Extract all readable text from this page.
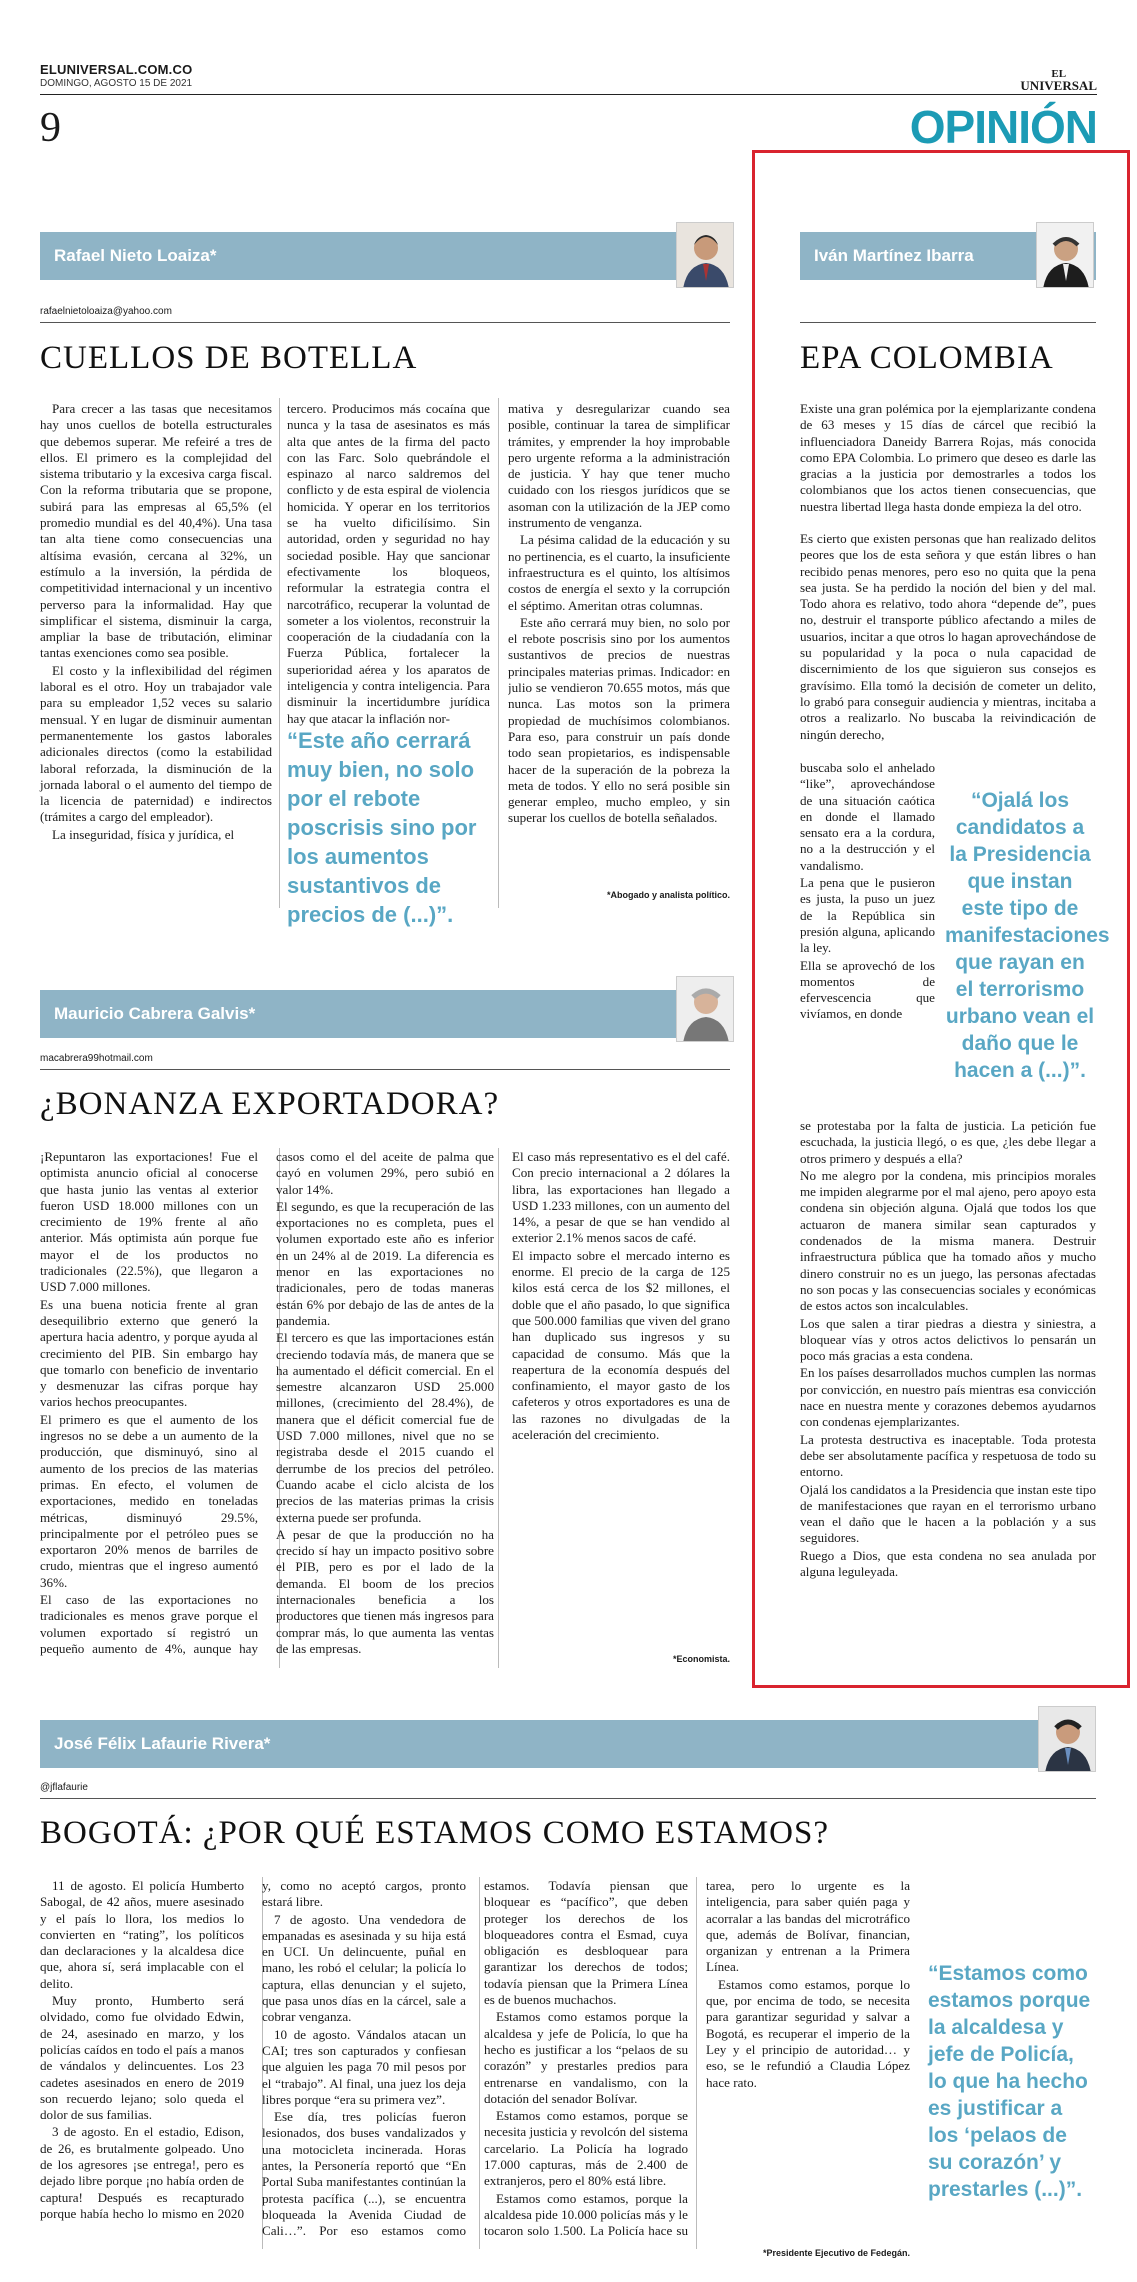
ELUNIVERSAL.COM.CO
DOMINGO, AGOSTO 15 DE 2021
EL
UNIVERSAL
9	OPINIÓN
Rafael Nieto Loaiza*
rafaelnietoloaiza@yahoo.com
CUELLOS DE BOTELLA

Para crecer a las tasas que necesitamos hay unos cuellos de botella estructurales que debemos superar. Me refeiré a tres de ellos. El primero es la complejidad del sistema tributario y la excesiva carga fiscal. Con la reforma tributaria que se propone, subirá para las empresas al 65,5% (el promedio mundial es del 40,4%). Una tasa tan alta tiene como consecuencias una altísima evasión, cercana al 32%, un estímulo a la inversión, la pérdida de competitividad internacional y un incentivo perverso para la informalidad. Hay que simplificar el sistema, disminuir la carga, ampliar la base de tributación, eliminar tantas exenciones como sea posible.

El costo y la inflexibilidad del régimen laboral es el otro. Hoy un trabajador vale para su empleador 1,52 veces su salario mensual. Y en lugar de disminuir aumentan permanentemente los gastos laborales adicionales directos (como la estabilidad laboral reforzada, la disminución de la jornada laboral o el aumento del tiempo de la licencia de paternidad) e indirectos (trámites a cargo del empleador).

La inseguridad, física y jurídica, el

tercero. Producimos más cocaína que nunca y la tasa de asesinatos es más alta que antes de la firma del pacto con las Farc. Solo quebrándole el espinazo al narco saldremos del conflicto y de esta espiral de violencia homicida. Y operar en los territorios se ha vuelto dificilísimo. Sin autoridad, orden y seguridad no hay sociedad posible. Hay que sancionar efectivamente los bloqueos, reformular la estrategia contra el narcotráfico, recuperar la voluntad de someter a los violentos, reconstruir la cooperación de la ciudadanía con la Fuerza Pública, fortalecer la superioridad aérea y los aparatos de inteligencia y contra inteligencia. Para disminuir la incertidumbre jurídica hay que atacar la inflación nor-

“Este año cerrará muy bien, no solo por el rebote poscrisis sino por los aumentos sustantivos de precios de (...)”.

mativa y desregularizar cuando sea posible, continuar la tarea de simplificar trámites, y emprender la hoy improbable pero urgente reforma a la administración de justicia. Y hay que tener mucho cuidado con los riesgos jurídicos que se asoman con la utilización de la JEP como instrumento de venganza.

La pésima calidad de la educación y su no pertinencia, es el cuarto, la insuficiente infraestructura es el quinto, los altísimos costos de energía el sexto y la corrupción el séptimo. Ameritan otras columnas.

Este año cerrará muy bien, no solo por el rebote poscrisis sino por los aumentos sustantivos de precios de nuestras principales materias primas. Indicador: en julio se vendieron 70.655 motos, más que nunca. Las motos son la primera propiedad de muchísimos colombianos. Para eso, para construir un país donde todo sean propietarios, es indispensable hacer de la superación de la pobreza la meta de todos. Y ello no será posible sin generar empleo, mucho empleo, y sin superar los cuellos de botella señalados.

*Abogado y analista político.
Mauricio Cabrera Galvis*
macabrera99hotmail.com
¿BONANZA EXPORTADORA?

¡Repuntaron las exportaciones! Fue el optimista anuncio oficial al conocerse que hasta junio las ventas al exterior fueron USD 18.000 millones con un crecimiento de 19% frente al año anterior. Más optimista aún porque fue mayor el de los productos no tradicionales (22.5%), que llegaron a USD 7.000 millones.

Es una buena noticia frente al gran desequilibrio externo que generó la apertura hacia adentro, y porque ayuda al crecimiento del PIB. Sin embargo hay que tomarlo con beneficio de inventario y desmenuzar las cifras porque hay varios hechos preocupantes.

El primero es que el aumento de los ingresos no se debe a un aumento de la producción, que disminuyó, sino al aumento de los precios de las materias primas. En efecto, el volumen de exportaciones, medido en toneladas métricas, disminuyó 29.5%, principalmente por el petróleo pues se exportaron 20% menos de barriles de crudo, mientras que el ingreso aumentó 36%.

El caso de las exportaciones no tradicionales es menos grave porque el volumen exportado sí registró un pequeño aumento de 4%, aunque hay casos como el del aceite de palma que cayó en volumen 29%, pero subió en valor 14%.

El segundo, es que la recuperación de las exportaciones no es completa, pues el volumen exportado este año es inferior en un 24% al de 2019. La diferencia es menor en las exportaciones no tradicionales, pero de todas maneras están 6% por debajo de las de antes de la pandemia.

El tercero es que las importaciones están creciendo todavía más, de manera que se ha aumentado el déficit comercial. En el semestre alcanzaron USD 25.000 millones, (crecimiento del 28.4%), de manera que el déficit comercial fue de USD 7.000 millones, nivel que no se registraba desde el 2015 cuando el derrumbe de los precios del petróleo. Cuando acabe el ciclo alcista de los precios de las materias primas la crisis externa puede ser profunda.

A pesar de que la producción no ha crecido sí hay un impacto positivo sobre el PIB, pero es por el lado de la demanda. El boom de los precios internacionales beneficia a los productores que tienen más ingresos para comprar más, lo que aumenta las ventas de las empresas.

El caso más representativo es el del café. Con precio internacional a 2 dólares la libra, las exportaciones han llegado a USD 1.233 millones, con un aumento del 14%, a pesar de que se han vendido al exterior 2.1% menos sacos de café.

El impacto sobre el mercado interno es enorme. El precio de la carga de 125 kilos está cerca de los $2 millones, el doble que el año pasado, lo que significa que 500.000 familias que viven del grano han duplicado sus ingresos y su capacidad de consumo. Más que la reapertura de la economía después del confinamiento, el mayor gasto de los cafeteros y otros exportadores es una de las razones no divulgadas de la aceleración del crecimiento.

*Economista.
Iván Martínez Ibarra
EPA COLOMBIA

Existe una gran polémica por la ejemplarizante condena de 63 meses y 15 días de cárcel que recibió la influenciadora Daneidy Barrera Rojas, más conocida como EPA Colombia. Lo primero que deseo es darle las gracias a la justicia por demostrarles a todos los colombianos que los actos tienen consecuencias, que nuestra libertad llega hasta donde empieza la del otro.

Es cierto que existen personas que han realizado delitos peores que los de esta señora y que están libres o han recibido penas menores, pero eso no quita que la pena sea justa. Se ha perdido la noción del bien y del mal. Todo ahora es relativo, todo ahora “depende de”, pues no, destruir el transporte público afectando a miles de usuarios, incitar a que otros lo hagan aprovechándose de su popularidad y la poca o nula capacidad de discernimiento de los que siguieron sus consejos es gravísimo. Ella tomó la decisión de cometer un delito, lo grabó para conseguir audiencia y mientras, incitaba a otros a realizarlo. No buscaba la reivindicación de ningún derecho,

buscaba solo el anhelado “like”, aprovechándose de una situación caótica en donde el llamado sensato era a la cordura, no a la destrucción y el vandalismo.

La pena que le pusieron es justa, la puso un juez de la República sin presión alguna, aplicando la ley.

Ella se aprovechó de los momentos de efervescencia que vivíamos, en donde

“Ojalá los candidatos a la Presidencia que instan este tipo de manifestaciones que rayan en el terrorismo urbano vean el daño que le hacen a (...)”.

se protestaba por la falta de justicia. La petición fue escuchada, la justicia llegó, o es que, ¿les debe llegar a otros primero y después a ella?

No me alegro por la condena, mis principios morales me impiden alegrarme por el mal ajeno, pero apoyo esta condena sin objeción alguna. Ojalá que todos los que actuaron de manera similar sean capturados y condenados de la misma manera. Destruir infraestructura pública que ha tomado años y mucho dinero construir no es un juego, las personas afectadas no son pocas y las consecuencias sociales y económicas de estos actos son incalculables.

Los que salen a tirar piedras a diestra y siniestra, a bloquear vías y otros actos delictivos lo pensarán un poco más gracias a esta condena.

En los países desarrollados muchos cumplen las normas por convicción, en nuestro país mientras esa convicción nace en nuestra mente y corazones debemos ayudarnos con condenas ejemplarizantes.

La protesta destructiva es inaceptable. Toda protesta debe ser absolutamente pacífica y respetuosa de todo su entorno.

Ojalá los candidatos a la Presidencia que instan este tipo de manifestaciones que rayan en el terrorismo urbano vean el daño que le hacen a la población y a sus seguidores.

Ruego a Dios, que esta condena no sea anulada por alguna leguleyada.

José Félix Lafaurie Rivera*
@jflafaurie
BOGOTÁ: ¿POR QUÉ ESTAMOS COMO ESTAMOS?

11 de agosto. El policía Humberto Sabogal, de 42 años, muere asesinado y el país lo llora, los medios lo convierten en “rating”, los políticos dan declaraciones y la alcaldesa dice que, ahora sí, será implacable con el delito.

Muy pronto, Humberto será olvidado, como fue olvidado Edwin, de 24, asesinado en marzo, y los policías caídos en todo el país a manos de vándalos y delincuentes. Los 23 cadetes asesinados en enero de 2019 son recuerdo lejano; solo queda el dolor de sus familias.

3 de agosto. En el estadio, Edison, de 26, es brutalmente golpeado. Uno de los agresores ¡se entrega!, pero es dejado libre porque ¡no había orden de captura! Después es recapturado porque había hecho lo mismo en 2020 y, como no aceptó cargos, pronto estará libre.

7 de agosto. Una vendedora de empanadas es asesinada y su hija está en UCI. Un delincuente, puñal en mano, les robó el celular; la policía lo captura, ellas denuncian y el sujeto, que pasa unos días en la cárcel, sale a cobrar venganza.

10 de agosto. Vándalos atacan un CAI; tres son capturados y confiesan que alguien les paga 70 mil pesos por el “trabajo”. Al final, una juez los deja libres porque “era su primera vez”.

Ese día, tres policías fueron lesionados, dos buses vandalizados y una motocicleta incinerada. Horas antes, la Personería reportó que “En Portal Suba manifestantes continúan la protesta pacífica (...), se encuentra bloqueada la Avenida Ciudad de Cali…”. Por eso estamos como estamos. Todavía piensan que bloquear es “pacífico”, que deben proteger los derechos de los bloqueadores contra el Esmad, cuya obligación es desbloquear para garantizar los derechos de todos; todavía piensan que la Primera Línea es de buenos muchachos.

Estamos como estamos porque la alcaldesa y jefe de Policía, lo que ha hecho es justificar a los “pelaos de su corazón” y prestarles predios para entrenarse en vandalismo, con la dotación del senador Bolívar.

Estamos como estamos, porque se necesita justicia y revolcón del sistema carcelario. La Policía ha logrado 17.000 capturas, más de 2.400 de extranjeros, pero el 80% está libre.

Estamos como estamos, porque la alcaldesa pide 10.000 policías más y le tocaron solo 1.500. La Policía hace su tarea, pero lo urgente es la inteligencia, para saber quién paga y acorralar a las bandas del microtráfico que, además de Bolívar, financian, organizan y entrenan a la Primera Línea.

Estamos como estamos, porque lo que, por encima de todo, se necesita para garantizar seguridad y salvar a Bogotá, es recuperar el imperio de la Ley y el principio de autoridad… y eso, se le refundió a Claudia López hace rato.

*Presidente Ejecutivo de Fedegán.
“Estamos como estamos porque la alcaldesa y jefe de Policía, lo que ha hecho es justificar a los ‘pelaos de su corazón’ y prestarles (...)”.
